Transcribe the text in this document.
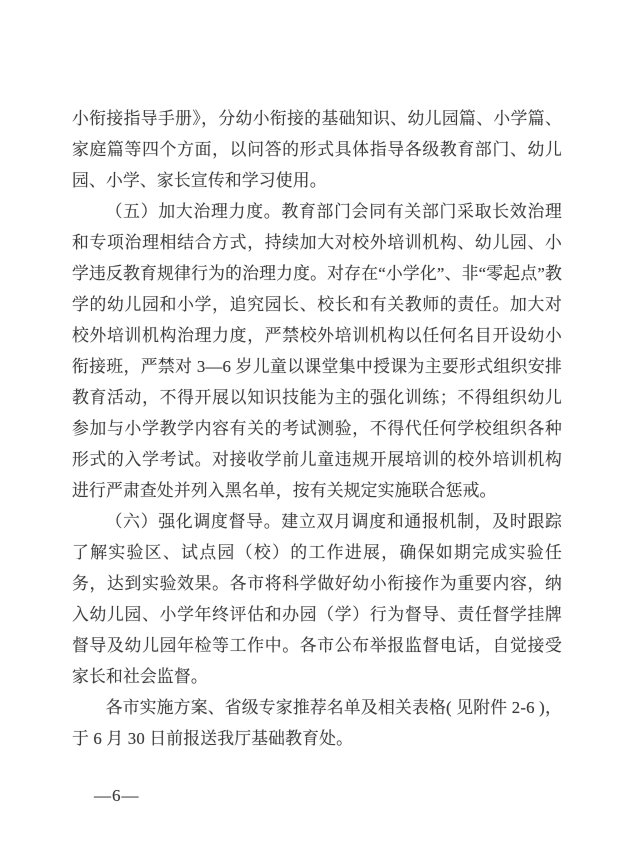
小衔接指导手册》，分幼小衔接的基础知识、幼儿园篇、小学篇、家庭篇等四个方面，以问答的形式具体指导各级教育部门、幼儿园、小学、家长宣传和学习使用。

（五）加大治理力度。教育部门会同有关部门采取长效治理和专项治理相结合方式，持续加大对校外培训机构、幼儿园、小学违反教育规律行为的治理力度。对存在“小学化”、非“零起点”教学的幼儿园和小学，追究园长、校长和有关教师的责任。加大对校外培训机构治理力度，严禁校外培训机构以任何名目开设幼小衔接班，严禁对 3—6 岁儿童以课堂集中授课为主要形式组织安排教育活动，不得开展以知识技能为主的强化训练；不得组织幼儿参加与小学教学内容有关的考试测验，不得代任何学校组织各种形式的入学考试。对接收学前儿童违规开展培训的校外培训机构进行严肃查处并列入黑名单，按有关规定实施联合惩戒。

（六）强化调度督导。建立双月调度和通报机制，及时跟踪了解实验区、试点园（校）的工作进展，确保如期完成实验任务，达到实验效果。各市将科学做好幼小衔接作为重要内容，纳入幼儿园、小学年终评估和办园（学）行为督导、责任督学挂牌督导及幼儿园年检等工作中。各市公布举报监督电话，自觉接受家长和社会监督。

各市实施方案、省级专家推荐名单及相关表格( 见附件 2-6 )，于 6 月 30 日前报送我厅基础教育处。

—6—
